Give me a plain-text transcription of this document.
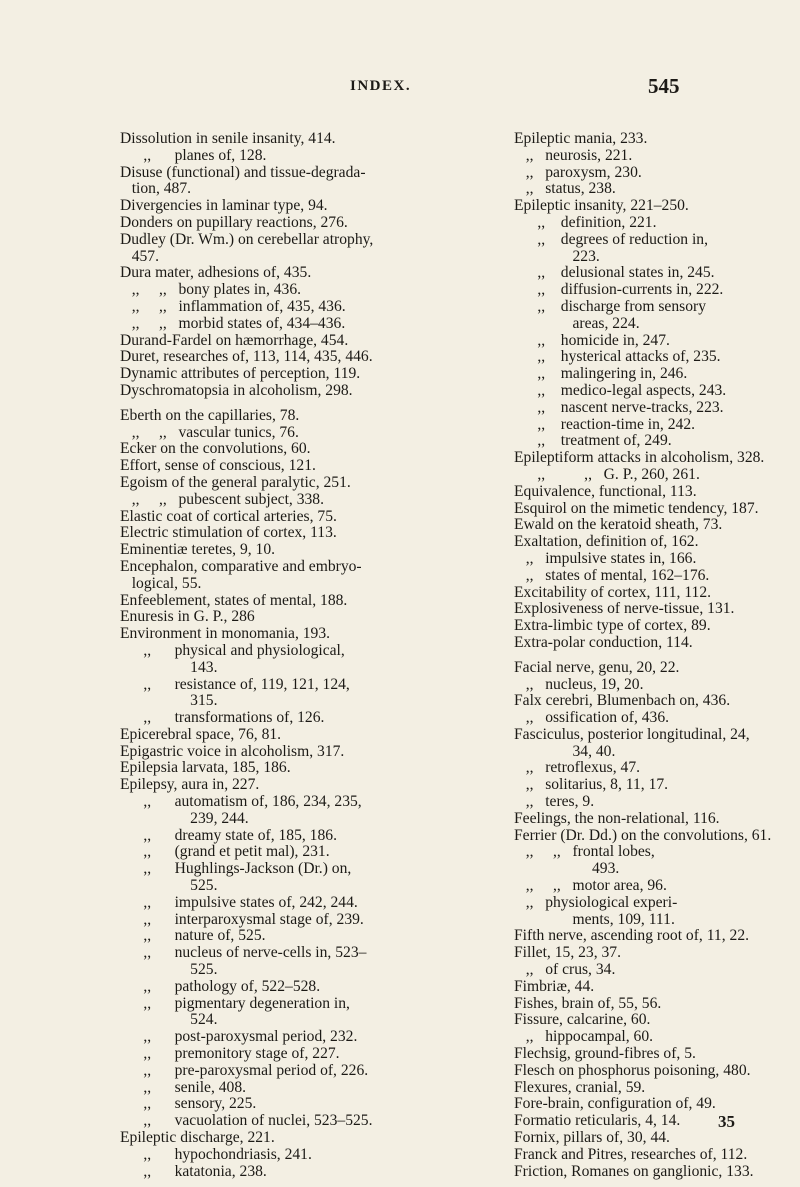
INDEX.	545
Dissolution in senile insanity, 414.
,,      planes of, 128.
Disuse (functional) and tissue-degrada-
tion, 487.
Divergencies in laminar type, 94.
Donders on pupillary reactions, 276.
Dudley (Dr. Wm.) on cerebellar atrophy,
457.
Dura mater, adhesions of, 435.
,,     ,,   bony plates in, 436.
,,     ,,   inflammation of, 435, 436.
,,     ,,   morbid states of, 434–436.
Durand-Fardel on hæmorrhage, 454.
Duret, researches of, 113, 114, 435, 446.
Dynamic attributes of perception, 119.
Dyschromatopsia in alcoholism, 298.
Eberth on the capillaries, 78.
,,     ,,   vascular tunics, 76.
Ecker on the convolutions, 60.
Effort, sense of conscious, 121.
Egoism of the general paralytic, 251.
,,     ,,   pubescent subject, 338.
Elastic coat of cortical arteries, 75.
Electric stimulation of cortex, 113.
Eminentiæ teretes, 9, 10.
Encephalon, comparative and embryo-
logical, 55.
Enfeeblement, states of mental, 188.
Enuresis in G. P., 286
Environment in monomania, 193.
,,      physical and physiological,
143.
,,      resistance of, 119, 121, 124,
315.
,,      transformations of, 126.
Epicerebral space, 76, 81.
Epigastric voice in alcoholism, 317.
Epilepsia larvata, 185, 186.
Epilepsy, aura in, 227.
,,      automatism of, 186, 234, 235,
239, 244.
,,      dreamy state of, 185, 186.
,,      (grand et petit mal), 231.
,,      Hughlings-Jackson (Dr.) on,
525.
,,      impulsive states of, 242, 244.
,,      interparoxysmal stage of, 239.
,,      nature of, 525.
,,      nucleus of nerve-cells in, 523–
525.
,,      pathology of, 522–528.
,,      pigmentary degeneration in,
524.
,,      post-paroxysmal period, 232.
,,      premonitory stage of, 227.
,,      pre-paroxysmal period of, 226.
,,      senile, 408.
,,      sensory, 225.
,,      vacuolation of nuclei, 523–525.
Epileptic discharge, 221.
,,      hypochondriasis, 241.
,,      katatonia, 238.
Epileptic mania, 233.
,,   neurosis, 221.
,,   paroxysm, 230.
,,   status, 238.
Epileptic insanity, 221–250.
,,    definition, 221.
,,    degrees of reduction in,
223.
,,    delusional states in, 245.
,,    diffusion-currents in, 222.
,,    discharge from sensory
areas, 224.
,,    homicide in, 247.
,,    hysterical attacks of, 235.
,,    malingering in, 246.
,,    medico-legal aspects, 243.
,,    nascent nerve-tracks, 223.
,,    reaction-time in, 242.
,,    treatment of, 249.
Epileptiform attacks in alcoholism, 328.
,,          ,,   G. P., 260, 261.
Equivalence, functional, 113.
Esquirol on the mimetic tendency, 187.
Ewald on the keratoid sheath, 73.
Exaltation, definition of, 162.
,,   impulsive states in, 166.
,,   states of mental, 162–176.
Excitability of cortex, 111, 112.
Explosiveness of nerve-tissue, 131.
Extra-limbic type of cortex, 89.
Extra-polar conduction, 114.
Facial nerve, genu, 20, 22.
,,   nucleus, 19, 20.
Falx cerebri, Blumenbach on, 436.
,,   ossification of, 436.
Fasciculus, posterior longitudinal, 24,
34, 40.
,,   retroflexus, 47.
,,   solitarius, 8, 11, 17.
,,   teres, 9.
Feelings, the non-relational, 116.
Ferrier (Dr. Dd.) on the convolutions, 61.
,,     ,,   frontal lobes,
493.
,,     ,,   motor area, 96.
,,   physiological experi-
ments, 109, 111.
Fifth nerve, ascending root of, 11, 22.
Fillet, 15, 23, 37.
,,   of crus, 34.
Fimbriæ, 44.
Fishes, brain of, 55, 56.
Fissure, calcarine, 60.
,,   hippocampal, 60.
Flechsig, ground-fibres of, 5.
Flesch on phosphorus poisoning, 480.
Flexures, cranial, 59.
Fore-brain, configuration of, 49.
Formatio reticularis, 4, 14.
Fornix, pillars of, 30, 44.
Franck and Pitres, researches of, 112.
Friction, Romanes on ganglionic, 133.
35
